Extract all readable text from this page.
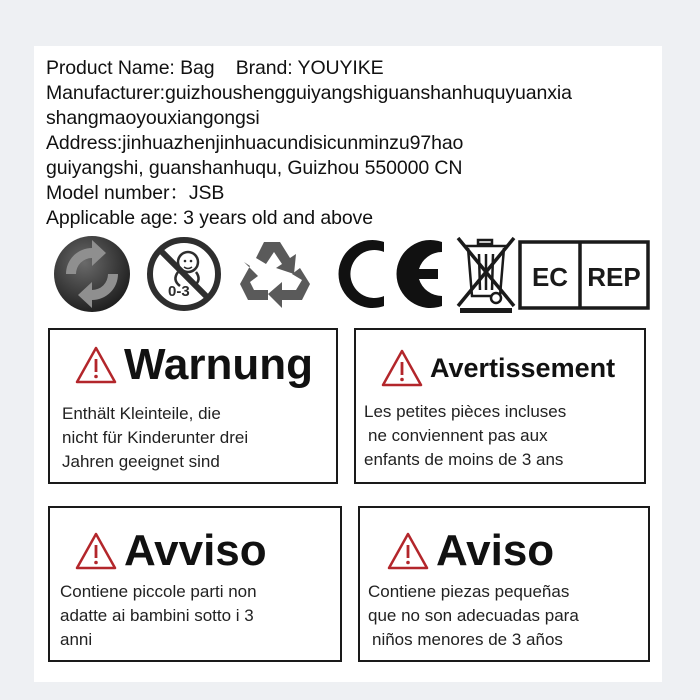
Product Name: Bag    Brand: YOUYIKE
Manufacturer:guizhoushengguiyangshiguanshanhuquyuanxia
shangmaoyouxiangongsi
Address:jinhuazhenjinhuacundisicunminzu97hao
guiyangshi, guanshanhuqu, Guizhou 550000 CN
Model number：JSB
Applicable age: 3 years old and above
0-3	EC REP
Warnung
Enthält Kleinteile, die
nicht für Kinderunter drei
Jahren geeignet sind
Avertissement
Les petites pièces incluses
ne conviennent pas aux
enfants de moins de 3 ans
Avviso
Contiene piccole parti non
adatte ai bambini sotto i 3
anni
Aviso
Contiene piezas pequeñas
que no son adecuadas para
niños menores de 3 años
